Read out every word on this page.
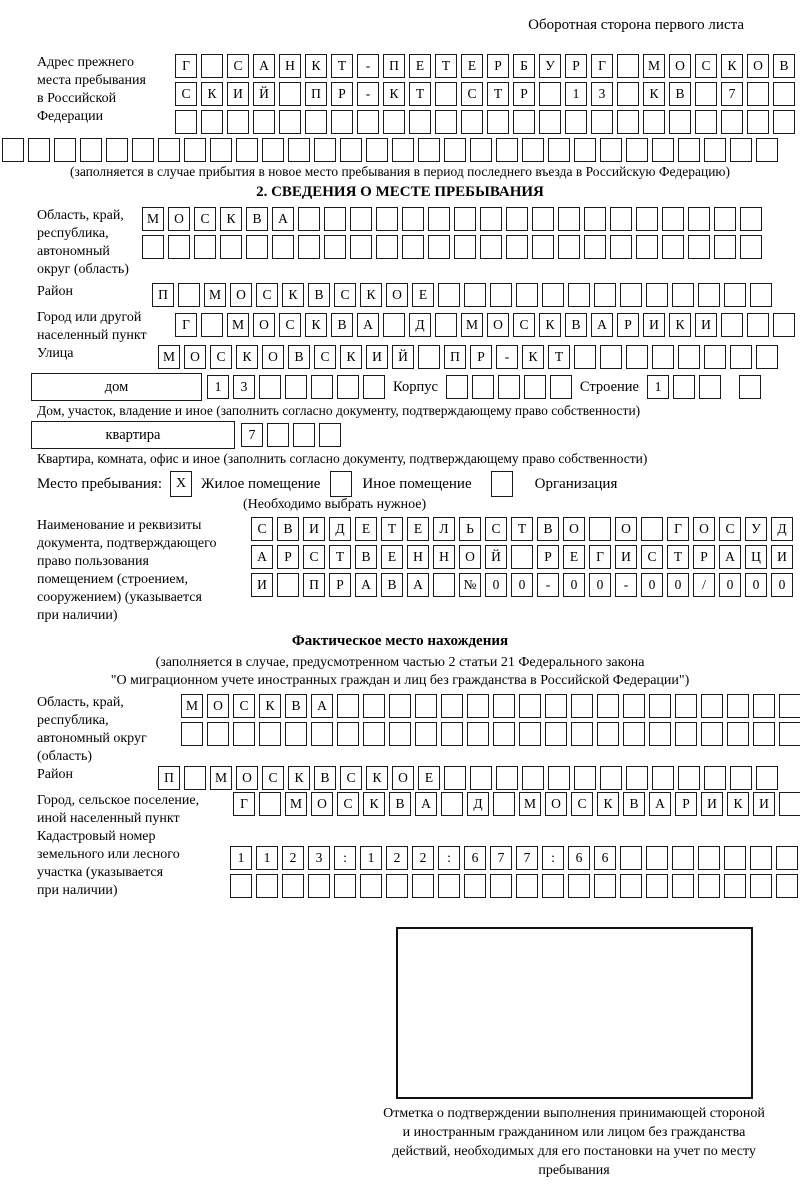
Оборотная сторона первого листа
Адрес прежнего
места пребывания
в Российской
Федерации
Г	С	А	Н	К	Т	-	П	Е	Т	Е	Р	Б	У	Р	Г	М	О	С	К	О	В
С	К	И	Й	П	Р	-	К	Т	С	Т	Р	1	3	К	В	7
(заполняется в случае прибытия в новое место пребывания в период последнего въезда в Российскую Федерацию)
2. СВЕДЕНИЯ О МЕСТЕ ПРЕБЫВАНИЯ
Область, край,
республика,
автономный
округ (область)
М	О	С	К	В	А
Район	П	М	О	С	К	В	С	К	О	Е
Город или другой
населенный пункт
Г	М	О	С	К	В	А	Д	М	О	С	К	В	А	Р	И	К	И
Улица	М	О	С	К	О	В	С	К	И	Й	П	Р	-	К	Т
дом	1	3	Корпус	Строение	1
Дом, участок, владение и иное (заполнить согласно документу, подтверждающему право собственности)
квартира	7
Квартира, комната, офис и иное (заполнить согласно документу, подтверждающему право собственности)
Место пребывания: X Жилое помещение	Иное помещение	Организация
(Необходимо выбрать нужное)
Наименование и реквизиты
документа, подтверждающего
право пользования
помещением (строением,
сооружением) (указывается
при наличии)
С	В	И	Д	Е	Т	Е	Л	Ь	С	Т	В	О	О	Г	О	С	У	Д
А	Р	С	Т	В	Е	Н	Н	О	Й	Р	Е	Г	И	С	Т	Р	А	Ц	И
И	П	Р	А	В	А	№	0	0	-	0	0	-	0	0	/	0	0	0
Фактическое место нахождения
(заполняется в случае, предусмотренном частью 2 статьи 21 Федерального закона
"О миграционном учете иностранных граждан и лиц без гражданства в Российской Федерации")
Область, край,
республика,
автономный округ
(область)
М	О	С	К	В	А
Район	П	М	О	С	К	В	С	К	О	Е
Город, сельское поселение,
иной населенный пункт
Г	М	О	С	К	В	А	Д	М	О	С	К	В	А	Р	И	К	И
Кадастровый номер
земельного или лесного
участка (указывается
при наличии)
1	1	2	3	:	1	2	2	:	6	7	7	:	6	6
Отметка о подтверждении выполнения принимающей стороной и иностранным гражданином или лицом без гражданства действий, необходимых для его постановки на учет по месту пребывания
